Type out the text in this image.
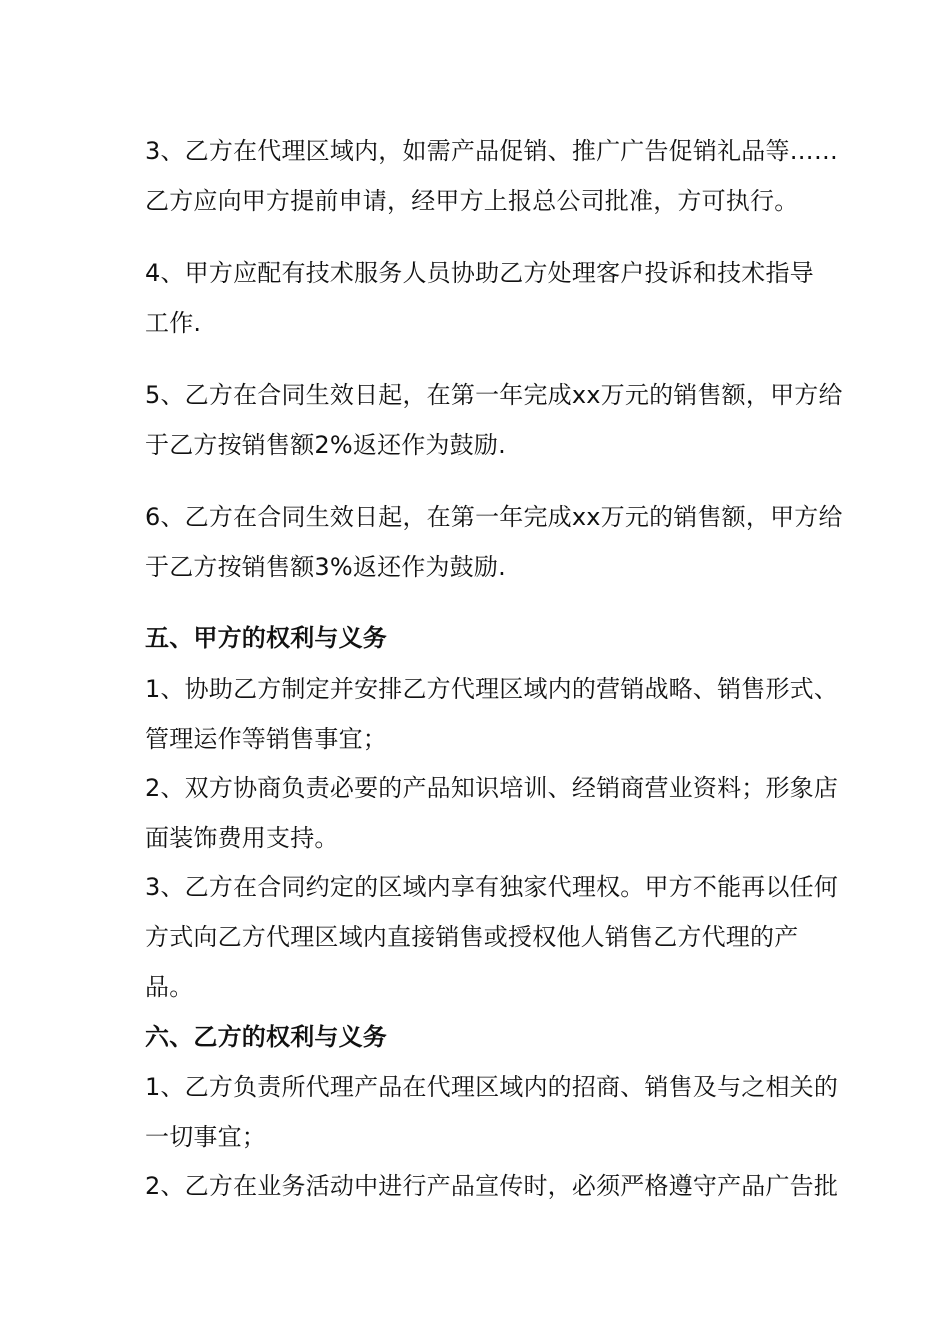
3、乙方在代理区域内，如需产品促销、推广广告促销礼品等……
乙方应向甲方提前申请，经甲方上报总公司批准，方可执行。
4、甲方应配有技术服务人员协助乙方处理客户投诉和技术指导
工作.
5、乙方在合同生效日起，在第一年完成xx万元的销售额，甲方给
于乙方按销售额2%返还作为鼓励.
6、乙方在合同生效日起，在第一年完成xx万元的销售额，甲方给
于乙方按销售额3%返还作为鼓励.
五、甲方的权利与义务
1、协助乙方制定并安排乙方代理区域内的营销战略、销售形式、
管理运作等销售事宜；
2、双方协商负责必要的产品知识培训、经销商营业资料；形象店
面装饰费用支持。
3、乙方在合同约定的区域内享有独家代理权。甲方不能再以任何
方式向乙方代理区域内直接销售或授权他人销售乙方代理的产
品。
六、乙方的权利与义务
1、乙方负责所代理产品在代理区域内的招商、销售及与之相关的
一切事宜；
2、乙方在业务活动中进行产品宣传时，必须严格遵守产品广告批
